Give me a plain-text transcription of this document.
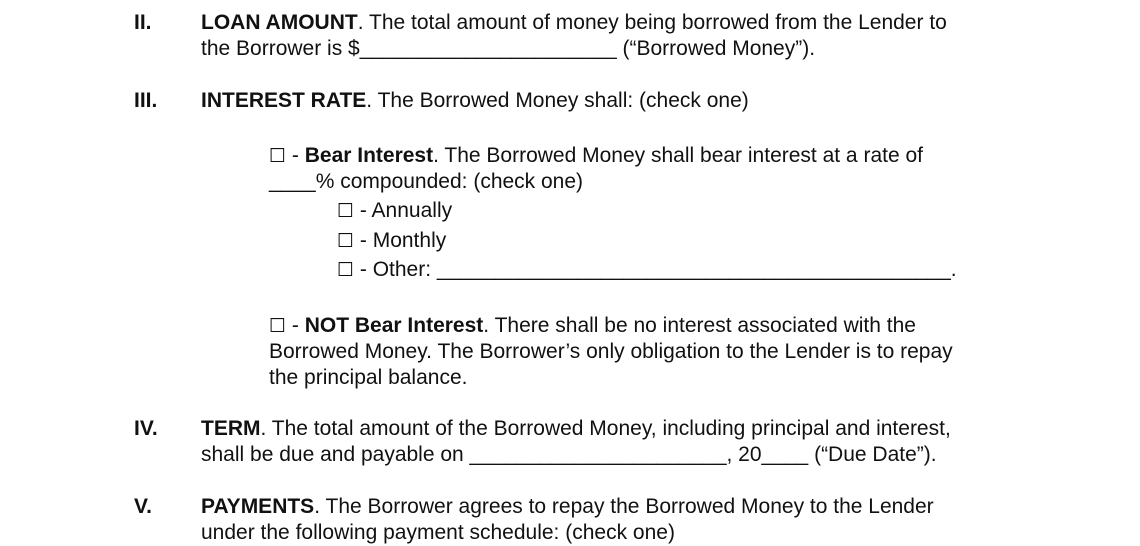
II. LOAN AMOUNT. The total amount of money being borrowed from the Lender to
the Borrower is $______________________ (“Borrowed Money”).
III. INTEREST RATE. The Borrowed Money shall: (check one)
☐ - Bear Interest. The Borrowed Money shall bear interest at a rate of
____% compounded: (check one)
☐ - Annually
☐ - Monthly
☐ - Other: ____________________________________________.
☐ - NOT Bear Interest. There shall be no interest associated with the
Borrowed Money. The Borrower’s only obligation to the Lender is to repay
the principal balance.
IV. TERM. The total amount of the Borrowed Money, including principal and interest,
shall be due and payable on ______________________, 20____ (“Due Date”).
V. PAYMENTS. The Borrower agrees to repay the Borrowed Money to the Lender
under the following payment schedule: (check one)
